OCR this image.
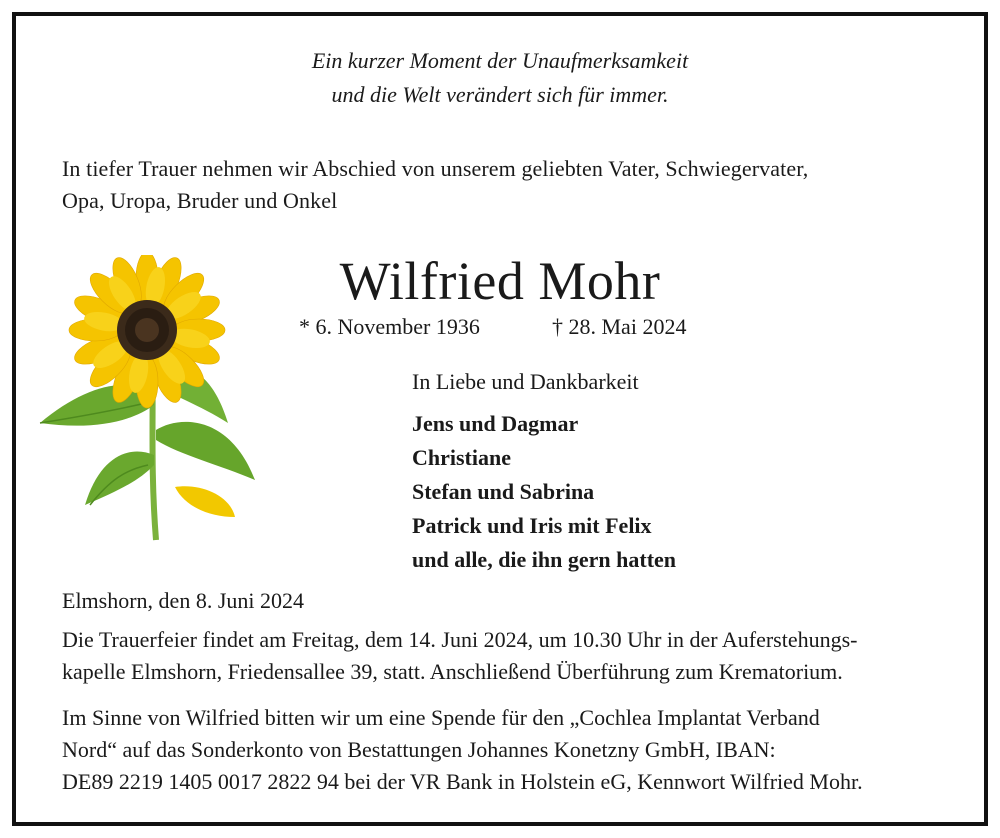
Ein kurzer Moment der Unaufmerksamkeit
und die Welt verändert sich für immer.
In tiefer Trauer nehmen wir Abschied von unserem geliebten Vater, Schwiegervater,
Opa, Uropa, Bruder und Onkel
Wilfried Mohr
* 6. November 1936	† 28. Mai 2024
In Liebe und Dankbarkeit
Jens und Dagmar
Christiane
Stefan und Sabrina
Patrick und Iris mit Felix
und alle, die ihn gern hatten
Elmshorn, den 8. Juni 2024
Die Trauerfeier findet am Freitag, dem 14. Juni 2024, um 10.30 Uhr in der Auferstehungs-
kapelle Elmshorn, Friedensallee 39, statt. Anschließend Überführung zum Krematorium.
Im Sinne von Wilfried bitten wir um eine Spende für den „Cochlea Implantat Verband
Nord“ auf das Sonderkonto von Bestattungen Johannes Konetzny GmbH, IBAN:
DE89 2219 1405 0017 2822 94 bei der VR Bank in Holstein eG, Kennwort Wilfried Mohr.
